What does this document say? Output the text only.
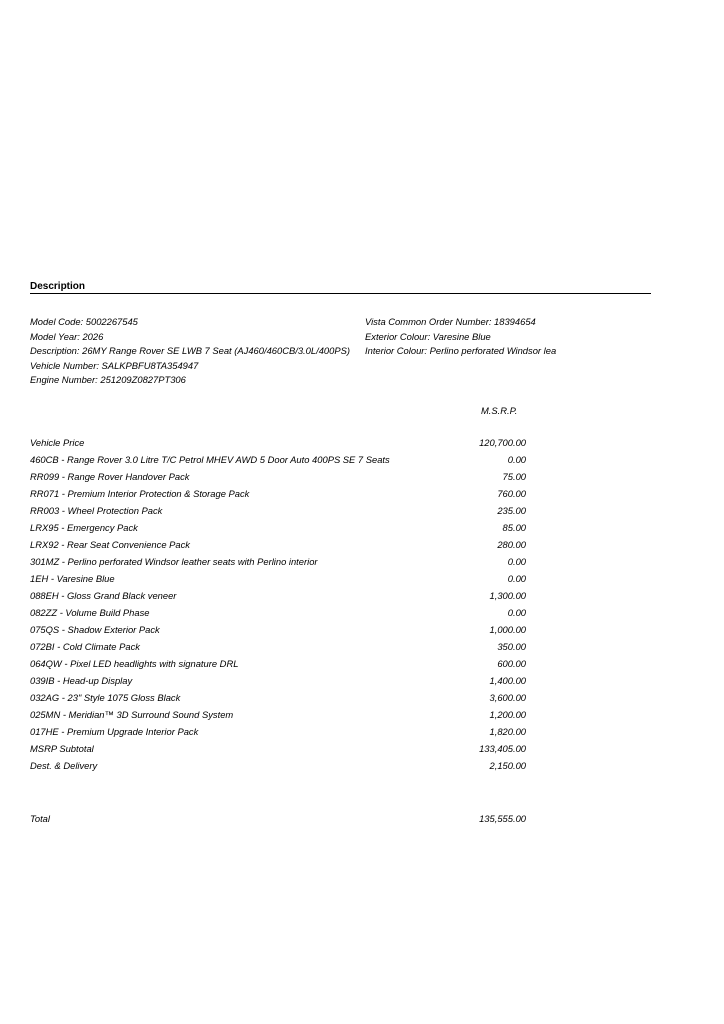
Description
Model Code: 5002267545
Model Year: 2026
Description: 26MY Range Rover SE LWB 7 Seat (AJ460/460CB/3.0L/400PS)
Vehicle Number: SALKPBFU8TA354947
Engine Number: 251209Z0827PT306
Vista Common Order Number: 18394654
Exterior Colour: Varesine Blue
Interior Colour: Perlino perforated Windsor lea
M.S.R.P.
Vehicle Price	120,700.00
460CB - Range Rover 3.0 Litre T/C Petrol MHEV AWD 5 Door Auto 400PS SE 7 Seats	0.00
RR099 - Range Rover Handover Pack	75.00
RR071 - Premium Interior Protection & Storage Pack	760.00
RR003 - Wheel Protection Pack	235.00
LRX95 - Emergency Pack	85.00
LRX92 - Rear Seat Convenience Pack	280.00
301MZ - Perlino perforated Windsor leather seats with Perlino interior	0.00
1EH - Varesine Blue	0.00
088EH - Gloss Grand Black veneer	1,300.00
082ZZ - Volume Build Phase	0.00
075QS - Shadow Exterior Pack	1,000.00
072BI - Cold Climate Pack	350.00
064QW - Pixel LED headlights with signature DRL	600.00
039IB - Head-up Display	1,400.00
032AG - 23" Style 1075 Gloss Black	3,600.00
025MN - Meridian™ 3D Surround Sound System	1,200.00
017HE - Premium Upgrade Interior Pack	1,820.00
MSRP Subtotal	133,405.00
Dest. & Delivery	2,150.00
Total	135,555.00
